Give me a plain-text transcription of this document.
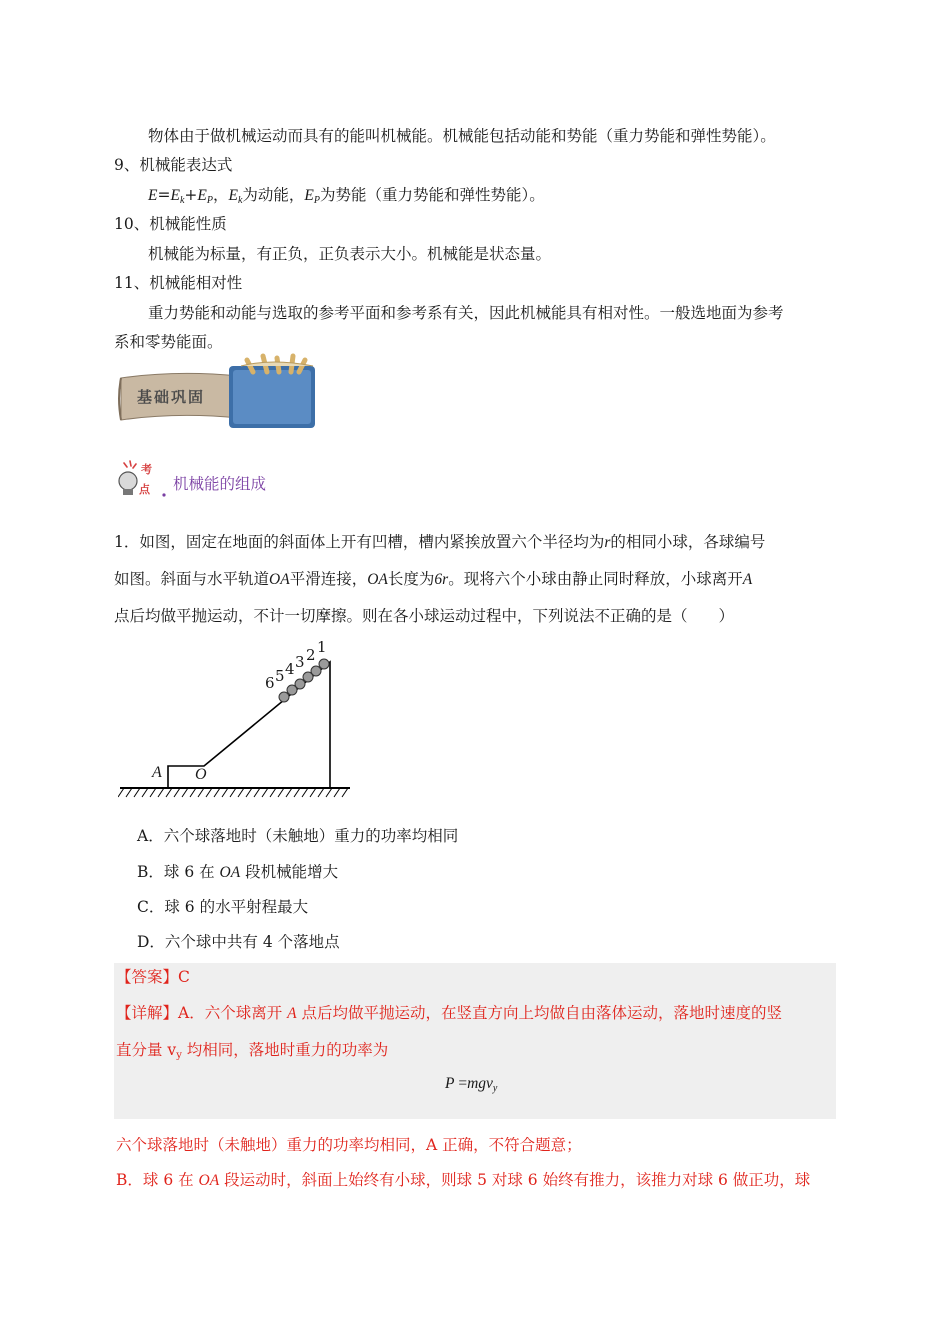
物体由于做机械运动而具有的能叫机械能。机械能包括动能和势能（重力势能和弹性势能）。
9、机械能表达式
$E=E_k+E_P$，$E_k$为动能，$E_P$为势能（重力势能和弹性势能）。
10、机械能性质
机械能为标量，有正负，正负表示大小。机械能是状态量。
11、机械能相对性
重力势能和动能与选取的参考平面和参考系有关，因此机械能具有相对性。一般选地面为参考
系和零势能面。
基础巩固
考
点 机械能的组成
1．如图，固定在地面的斜面体上开有凹槽，槽内紧挨放置六个半径均为r的相同小球，各球编号
如图。斜面与水平轨道OA平滑连接，OA长度为6r。现将六个小球由静止同时释放，小球离开A
点后均做平抛运动，不计一切摩擦。则在各小球运动过程中，下列说法不正确的是（　　）
6 5 4 3 2 1
A O
A．六个球落地时（未触地）重力的功率均相同
B．球 6 在 OA 段机械能增大
C．球 6 的水平射程最大
D．六个球中共有 4 个落地点
【答案】C
【详解】A．六个球离开 A 点后均做平抛运动，在竖直方向上均做自由落体运动，落地时速度的竖
直分量 $v_y$ 均相同，落地时重力的功率为
P =mgv$_y$
六个球落地时（未触地）重力的功率均相同，A 正确，不符合题意；
B．球 6 在 OA 段运动时，斜面上始终有小球，则球 5 对球 6 始终有推力，该推力对球 6 做正功，球
